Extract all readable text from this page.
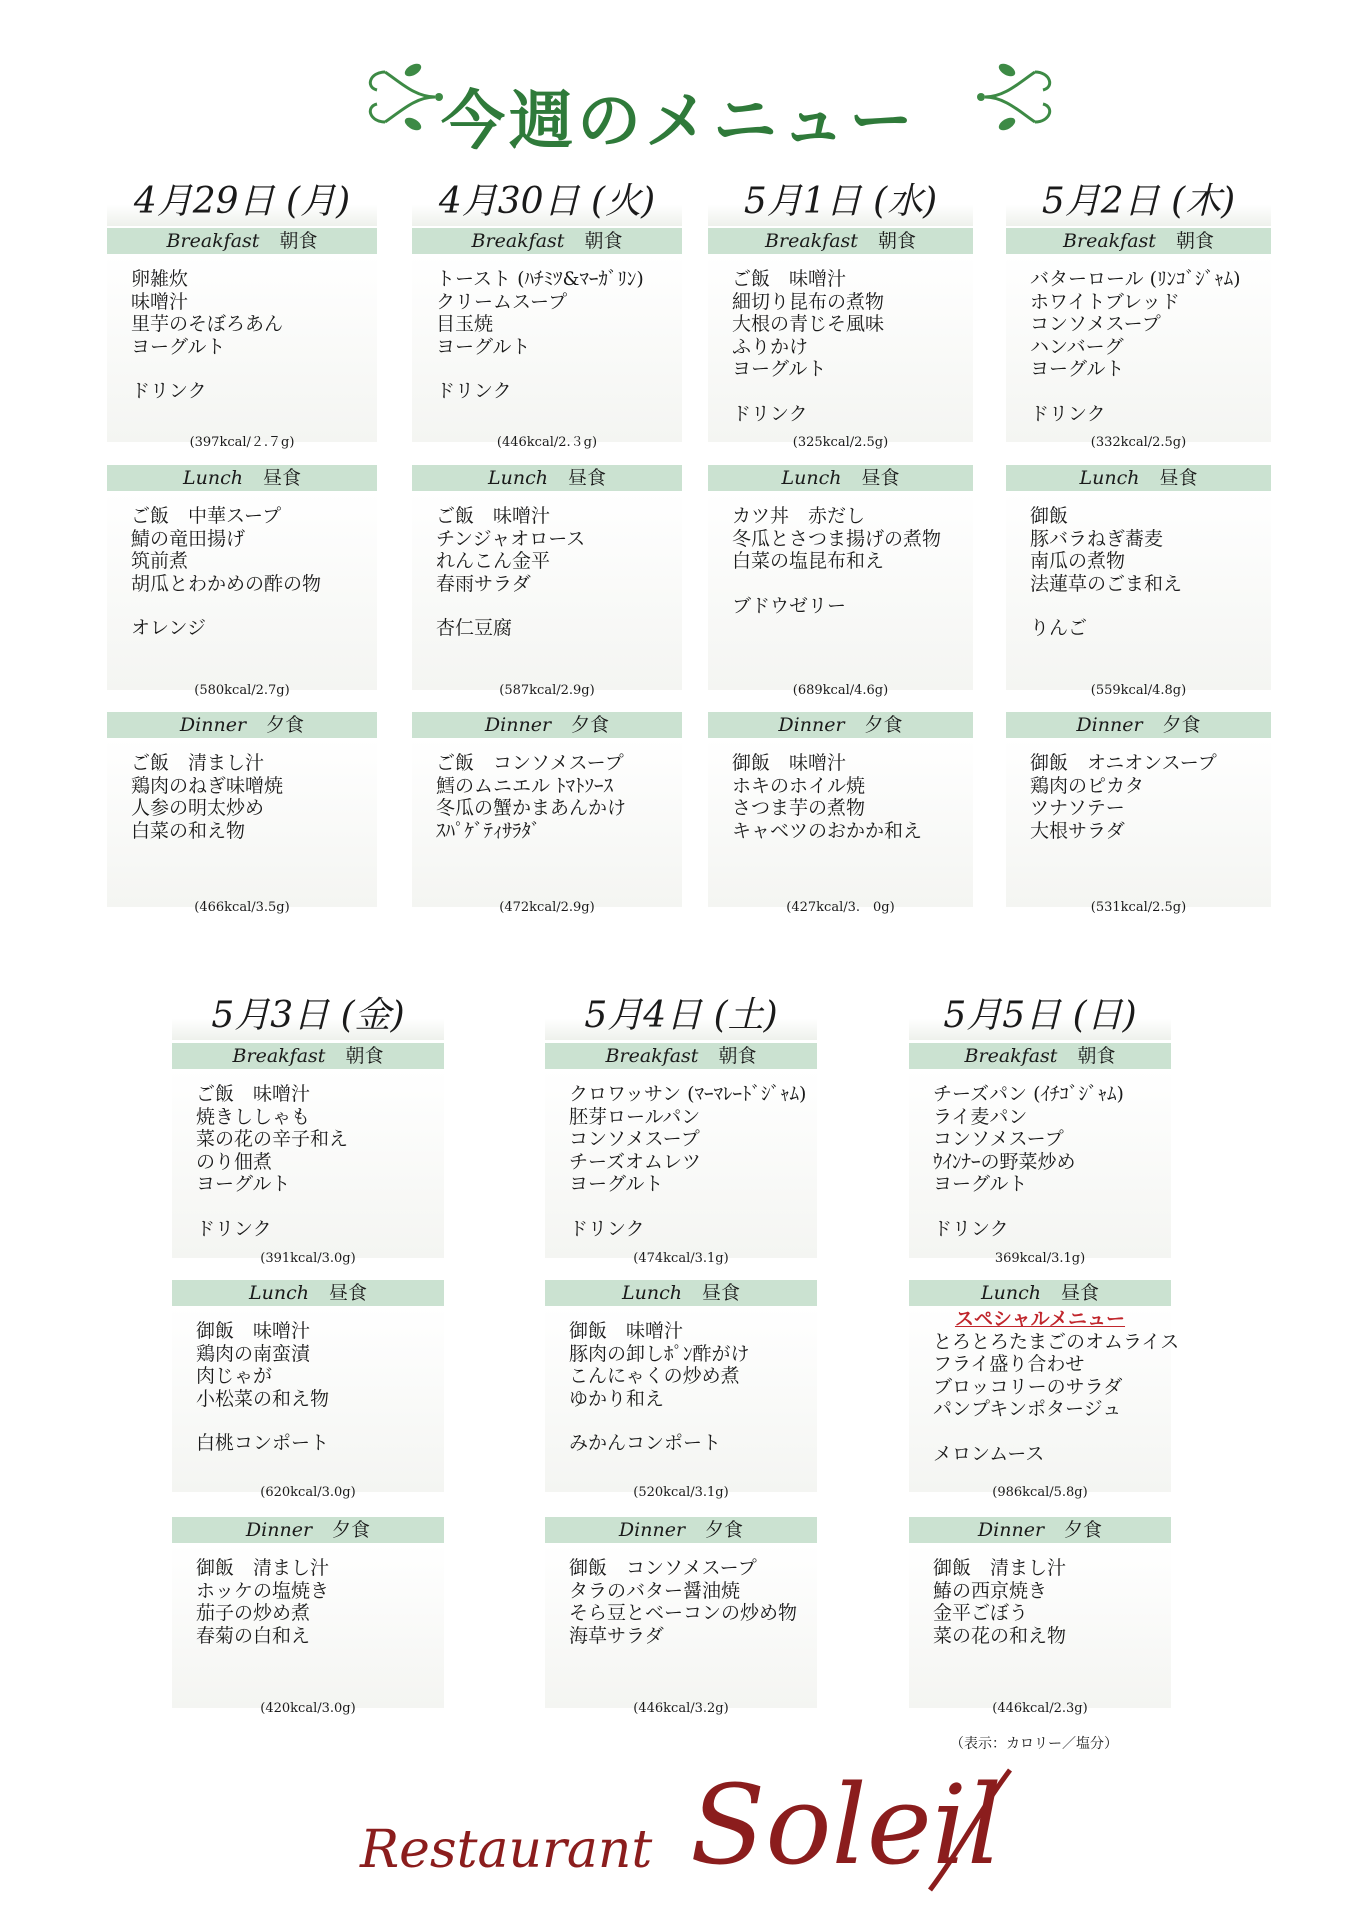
今週のメニュー
4月29日 (月)
Breakfast 朝食
卵雑炊
味噌汁
里芋のそぼろあん
ヨーグルト
ドリンク
(397kcal/２.７g)
Lunch 昼食
ご飯　中華スープ
鯖の竜田揚げ
筑前煮
胡瓜とわかめの酢の物
オレンジ
(580kcal/2.7g)
Dinner 夕食
ご飯　清まし汁
鶏肉のねぎ味噌焼
人参の明太炒め
白菜の和え物
(466kcal/3.5g)
4月30日 (火)
Breakfast 朝食
トースト (ﾊﾁﾐﾂ&ﾏｰｶﾞﾘﾝ)
クリームスープ
目玉焼
ヨーグルト
ドリンク
(446kcal/2.３g)
Lunch 昼食
ご飯　味噌汁
チンジャオロース
れんこん金平
春雨サラダ
杏仁豆腐
(587kcal/2.9g)
Dinner 夕食
ご飯　コンソメスープ
鱈のムニエル ﾄﾏﾄｿｰｽ
冬瓜の蟹かまあんかけ
ｽﾊﾟｹﾞﾃｨｻﾗﾀﾞ
(472kcal/2.9g)
5月1日 (水)
Breakfast 朝食
ご飯　味噌汁
細切り昆布の煮物
大根の青じそ風味
ふりかけ
ヨーグルト
ドリンク
(325kcal/2.5g)
Lunch 昼食
カツ丼　赤だし
冬瓜とさつま揚げの煮物
白菜の塩昆布和え
ブドウゼリー
(689kcal/4.6g)
Dinner 夕食
御飯　味噌汁
ホキのホイル焼
さつま芋の煮物
キャベツのおかか和え
(427kcal/3.　0g)
5月2日 (木)
Breakfast 朝食
バターロール (ﾘﾝｺﾞｼﾞｬﾑ)
ホワイトブレッド
コンソメスープ
ハンバーグ
ヨーグルト
ドリンク
(332kcal/2.5g)
Lunch 昼食
御飯
豚バラねぎ蕎麦
南瓜の煮物
法蓮草のごま和え
りんご
(559kcal/4.8g)
Dinner 夕食
御飯　オニオンスープ
鶏肉のピカタ
ツナソテー
大根サラダ
(531kcal/2.5g)
5月3日 (金)
Breakfast 朝食
ご飯　味噌汁
焼きししゃも
菜の花の辛子和え
のり佃煮
ヨーグルト
ドリンク
(391kcal/3.0g)
Lunch 昼食
御飯　味噌汁
鶏肉の南蛮漬
肉じゃが
小松菜の和え物
白桃コンポート
(620kcal/3.0g)
Dinner 夕食
御飯　清まし汁
ホッケの塩焼き
茄子の炒め煮
春菊の白和え
(420kcal/3.0g)
5月4日 (土)
Breakfast 朝食
クロワッサン (ﾏｰﾏﾚｰﾄﾞｼﾞｬﾑ)
胚芽ロールパン
コンソメスープ
チーズオムレツ
ヨーグルト
ドリンク
(474kcal/3.1g)
Lunch 昼食
御飯　味噌汁
豚肉の卸しﾎﾟﾝ酢がけ
こんにゃくの炒め煮
ゆかり和え
みかんコンポート
(520kcal/3.1g)
Dinner 夕食
御飯　コンソメスープ
タラのバター醤油焼
そら豆とベーコンの炒め物
海草サラダ
(446kcal/3.2g)
5月5日 (日)
Breakfast 朝食
チーズパン (ｲﾁｺﾞｼﾞｬﾑ)
ライ麦パン
コンソメスープ
ｳｲﾝﾅｰの野菜炒め
ヨーグルト
ドリンク
369kcal/3.1g)
Lunch 昼食
スペシャルメニュー
とろとろたまごのオムライス
フライ盛り合わせ
ブロッコリーのサラダ
パンプキンポタージュ
メロンムース
(986kcal/5.8g)
Dinner 夕食
御飯　清まし汁
鰆の西京焼き
金平ごぼう
菜の花の和え物
(446kcal/2.3g)
（表示：カロリー／塩分）
Restaurant Soleil
